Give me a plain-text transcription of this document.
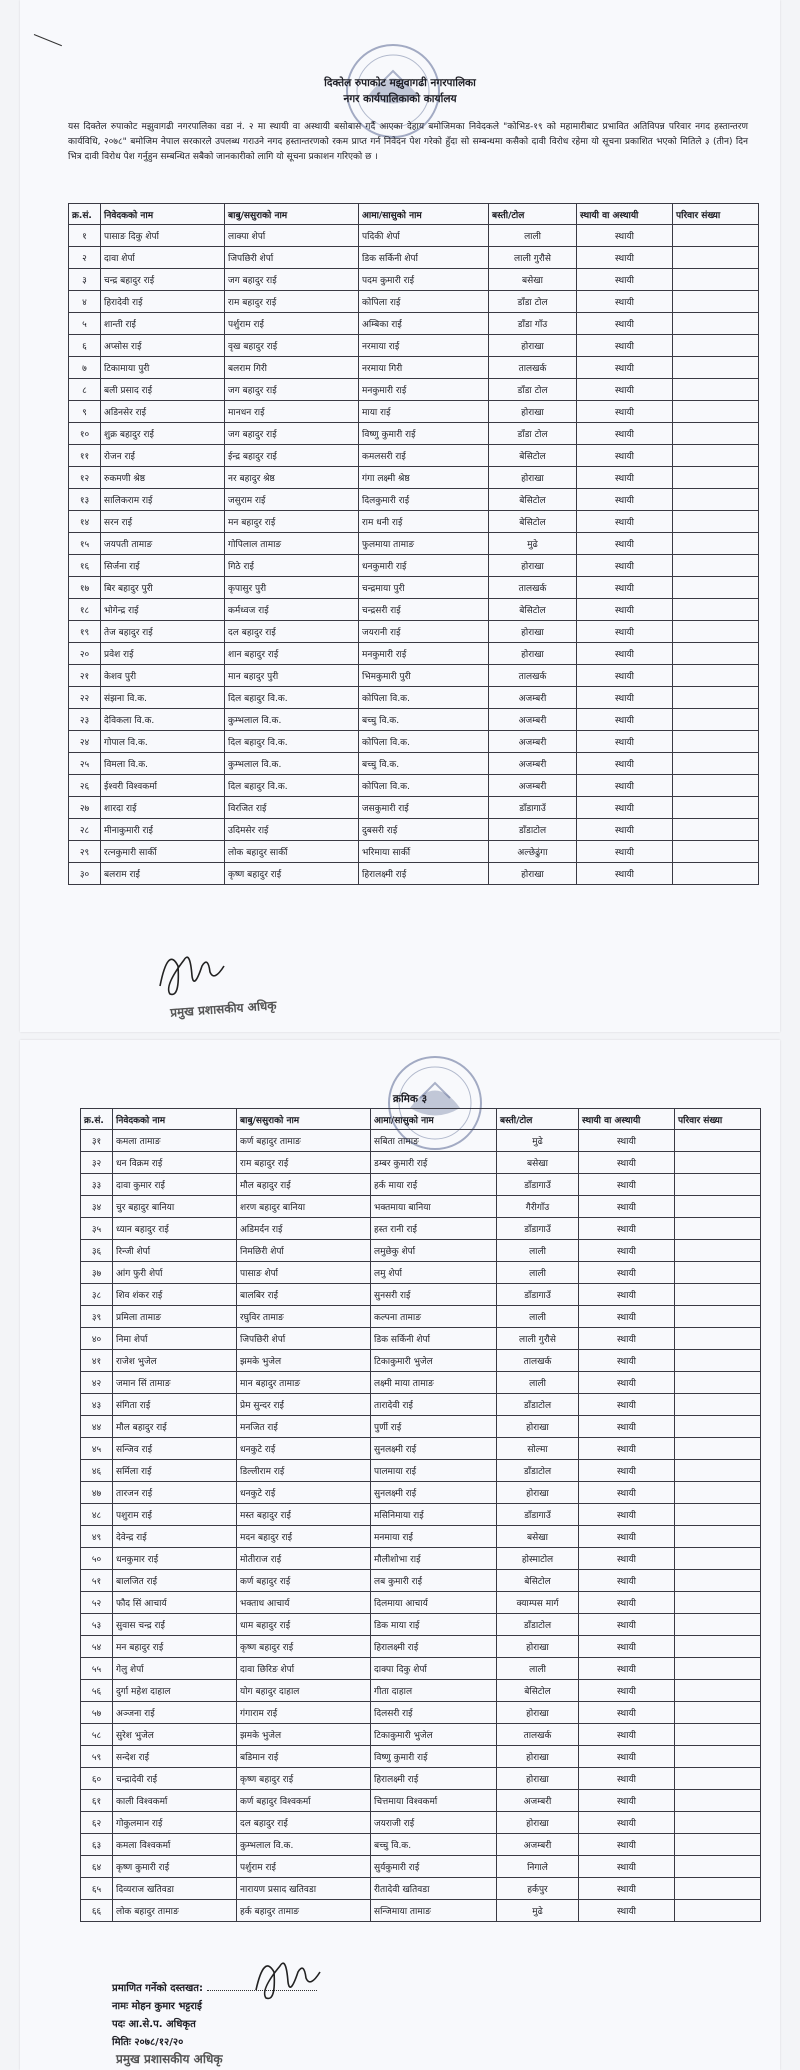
दिक्तेल रुपाकोट मझुवागढी नगरपालिका
नगर कार्यपालिकाको कार्यालय
यस दिक्तेल रुपाकोट मझुवागढी नगरपालिका वडा नं. २ मा स्थायी वा अस्थायी बसोबास गर्दै आएका देहाय बमोजिमका निवेदकले "कोभिड-१९ को महामारीबाट प्रभावित अतिविपन्न परिवार नगद हस्तान्तरण कार्यविधि, २०७८" बमोजिम नेपाल सरकारले उपलब्ध गराउने नगद हस्तान्तरणको रकम प्राप्त गर्न निवेदन पेश गरेको हुँदा सो सम्बन्धमा कसैको दावी विरोध रहेमा यो सूचना प्रकाशित भएको मितिले ३ (तीन) दिन भित्र दावी विरोध पेश गर्नुहुन सम्बन्धित सबैको जानकारीको लागि यो सूचना प्रकाशन गरिएको छ ।
क्र.सं.	निवेदकको नाम	बाबु/ससुराको नाम	आमा/सासुको नाम	बस्ती/टोल	स्थायी वा अस्थायी	परिवार संख्या
१	पासाङ दिकु शेर्पा	लाक्पा शेर्पा	पदिकी शेर्पा	लाली	स्थायी	
२	दावा शेर्पा	जिपछिरी शेर्पा	डिक सर्किनी शेर्पा	लाली गुरौसे	स्थायी	
३	चन्द्र बहादुर राई	जग बहादुर राई	पदम कुमारी राई	बसेखा	स्थायी	
४	हिरादेवी राई	राम बहादुर राई	कोपिला राई	डाँडा टोल	स्थायी	
५	शान्ती राई	पर्शुराम राई	अम्बिका राई	डाँडा गाँउ	स्थायी	
६	अप्सोस राई	वृख बहादुर राई	नरमाया राई	होराखा	स्थायी	
७	टिकामाया पुरी	बलराम गिरी	नरमाया गिरी	तालखर्क	स्थायी	
८	बली प्रसाद राई	जग बहादुर राई	मनकुमारी राई	डाँडा टोल	स्थायी	
९	अडिनसेर राई	मानधन राई	माया राई	होराखा	स्थायी	
१०	शुक्र बहादुर राई	जग बहादुर राई	विष्णु कुमारी राई	डाँडा टोल	स्थायी	
११	रोजन राई	ईन्द्र बहादुर राई	कमलसरी राई	बेसिटोल	स्थायी	
१२	रुकमणी श्रेष्ठ	नर बहादुर श्रेष्ठ	गंगा लक्ष्मी श्रेष्ठ	होराखा	स्थायी	
१३	सालिकराम राई	जसुराम राई	दिलकुमारी राई	बेसिटोल	स्थायी	
१४	सरन राई	मन बहादुर राई	राम धनी राई	बेसिटोल	स्थायी	
१५	जयपती तामाङ	गोपिलाल तामाङ	फुलमाया तामाङ	मुढे	स्थायी	
१६	सिर्जना राई	गिठे राई	धनकुमारी राई	होराखा	स्थायी	
१७	बिर बहादुर पुरी	कृपासुर पुरी	चन्द्रमाया पुरी	तालखर्क	स्थायी	
१८	भोगेन्द्र राई	कर्मध्वज राई	चन्द्रसरी राई	बेसिटोल	स्थायी	
१९	तेज बहादुर राई	दल बहादुर राई	जयरानी राई	होराखा	स्थायी	
२०	प्रवेश राई	शान बहादुर राई	मनकुमारी राई	होराखा	स्थायी	
२१	केशव पुरी	मान बहादुर पुरी	भिमकुमारी पुरी	तालखर्क	स्थायी	
२२	संझना वि.क.	दिल बहादुर वि.क.	कोपिला वि.क.	अजम्बरी	स्थायी	
२३	देविकला वि.क.	कुम्भलाल वि.क.	बच्चु वि.क.	अजम्बरी	स्थायी	
२४	गोपाल वि.क.	दिल बहादुर वि.क.	कोपिला वि.क.	अजम्बरी	स्थायी	
२५	विमला वि.क.	कुम्भलाल वि.क.	बच्चु वि.क.	अजम्बरी	स्थायी	
२६	ईश्वरी विश्वकर्मा	दिल बहादुर वि.क.	कोपिला वि.क.	अजम्बरी	स्थायी	
२७	शारदा राई	विरजित राई	जसकुमारी राई	डाँडागाउँ	स्थायी	
२८	मीनाकुमारी राई	उदिमसेर राई	दुबसरी राई	डाँडाटोल	स्थायी	
२९	रत्नकुमारी सार्की	लोक बहादुर सार्की	भरिमाया सार्की	अल्छेढुंगा	स्थायी	
३०	बलराम राई	कृष्ण बहादुर राई	हिरालक्ष्मी राई	होराखा	स्थायी	
प्रमुख प्रशासकीय अधिकृ
क्रमिक ३
क्र.सं.	निवेदकको नाम	बाबु/ससुराको नाम	आमा/सासुको नाम	बस्ती/टोल	स्थायी वा अस्थायी	परिवार संख्या
३१	कमला तामाङ	कर्ण बहादुर तामाङ	सबिता तामाङ	मुढे	स्थायी	
३२	धन विक्रम राई	राम बहादुर राई	डम्बर कुमारी राई	बसेखा	स्थायी	
३३	दावा कुमार राई	मौल बहादुर राई	हर्क माया राई	डाँडागाउँ	स्थायी	
३४	चुर बहादुर बानिया	शरण बहादुर बानिया	भक्तमाया बानिया	गैरीगाँउ	स्थायी	
३५	ध्यान बहादुर राई	अडिमर्दन राई	हस्त रानी राई	डाँडागाउँ	स्थायी	
३६	रिन्जी शेर्पा	निमछिरी शेर्पा	लमुछेकु शेर्पा	लाली	स्थायी	
३७	आंग फुरी शेर्पा	पासाङ शेर्पा	लमु शेर्पा	लाली	स्थायी	
३८	शिव शंकर राई	बालबिर राई	सुनसरी राई	डाँडागाउँ	स्थायी	
३९	प्रमिला तामाङ	रघुविर तामाङ	कल्पना तामाङ	लाली	स्थायी	
४०	निमा शेर्पा	जिपछिरी शेर्पा	डिक सर्किनी शेर्पा	लाली गुरौसे	स्थायी	
४१	राजेश भुजेल	झमके भुजेल	टिकाकुमारी भुजेल	तालखर्क	स्थायी	
४२	जमान सिं तामाङ	मान बहादुर तामाङ	लक्ष्मी माया तामाङ	लाली	स्थायी	
४३	संगिता राई	प्रेम सुन्दर राई	तारादेवी राई	डाँडाटोल	स्थायी	
४४	मौल बहादुर राई	मनजित राई	पुर्णी राई	होराखा	स्थायी	
४५	सन्जिव राई	धनकुटे राई	सुनलक्ष्मी राई	सोल्मा	स्थायी	
४६	सर्मिला राई	डिल्लीराम राई	पालमाया राई	डाँडाटोल	स्थायी	
४७	तारजन राई	धनकुटे राई	सुनलक्ष्मी राई	होराखा	स्थायी	
४८	पशुराम राई	मस्त बहादुर राई	मसिनिमाया राई	डाँडागाउँ	स्थायी	
४९	देवेन्द्र राई	मदन बहादुर राई	मनमाया राई	बसेखा	स्थायी	
५०	धनकुमार राई	मोतीराज राई	मौलीशोभा राई	होस्माटोल	स्थायी	
५१	बालजित राई	कर्ण बहादुर राई	लब कुमारी राई	बेसिटोल	स्थायी	
५२	फौद सिं आचार्य	भक्ताध आचार्य	दिलमाया आचार्य	क्याम्पस मार्ग	स्थायी	
५३	सुवास चन्द्र राई	धाम बहादुर राई	डिक माया राई	डाँडाटोल	स्थायी	
५४	मन बहादुर राई	कृष्ण बहादुर राई	हिरालक्ष्मी राई	होराखा	स्थायी	
५५	गेलु शेर्पा	दावा छिरिङ शेर्पा	दाक्पा दिकु शेर्पा	लाली	स्थायी	
५६	दुर्गा महेश दाहाल	योग बहादुर दाहाल	गीता दाहाल	बेसिटोल	स्थायी	
५७	अञ्जना राई	गंगाराम राई	दिलसरी राई	होराखा	स्थायी	
५८	सुरेश भुजेल	झमके भुजेल	टिकाकुमारी भुजेल	तालखर्क	स्थायी	
५९	सन्देश राई	बडिमान राई	विष्णु कुमारी राई	होराखा	स्थायी	
६०	चन्द्रादेवी राई	कृष्ण बहादुर राई	हिरालक्ष्मी राई	होराखा	स्थायी	
६१	काली विश्वकर्मा	कर्ण बहादुर विश्वकर्मा	चित्तमाया विश्वकर्मा	अजम्बरी	स्थायी	
६२	गोकुलमान राई	दल बहादुर राई	जयराजी राई	होराखा	स्थायी	
६३	कमला विश्वकर्मा	कुम्भलाल वि.क.	बच्चु वि.क.	अजम्बरी	स्थायी	
६४	कृष्ण कुमारी राई	पर्शुराम राई	सुर्यकुमारी राई	निगाले	स्थायी	
६५	दिव्यराज खतिवडा	नारायण प्रसाद खतिवडा	रीतादेवी खतिवडा	हर्कपुर	स्थायी	
६६	लोक बहादुर तामाङ	हर्क बहादुर तामाङ	सन्जिमाया तामाङ	मुढे	स्थायी	
प्रमाणित गर्नेको दस्तखत:
नामः मोहन कुमार भट्टराई
पदः आ.से.प. अधिकृत
मितिः २०७८/१२/२०
प्रमुख प्रशासकीय अधिकृ
